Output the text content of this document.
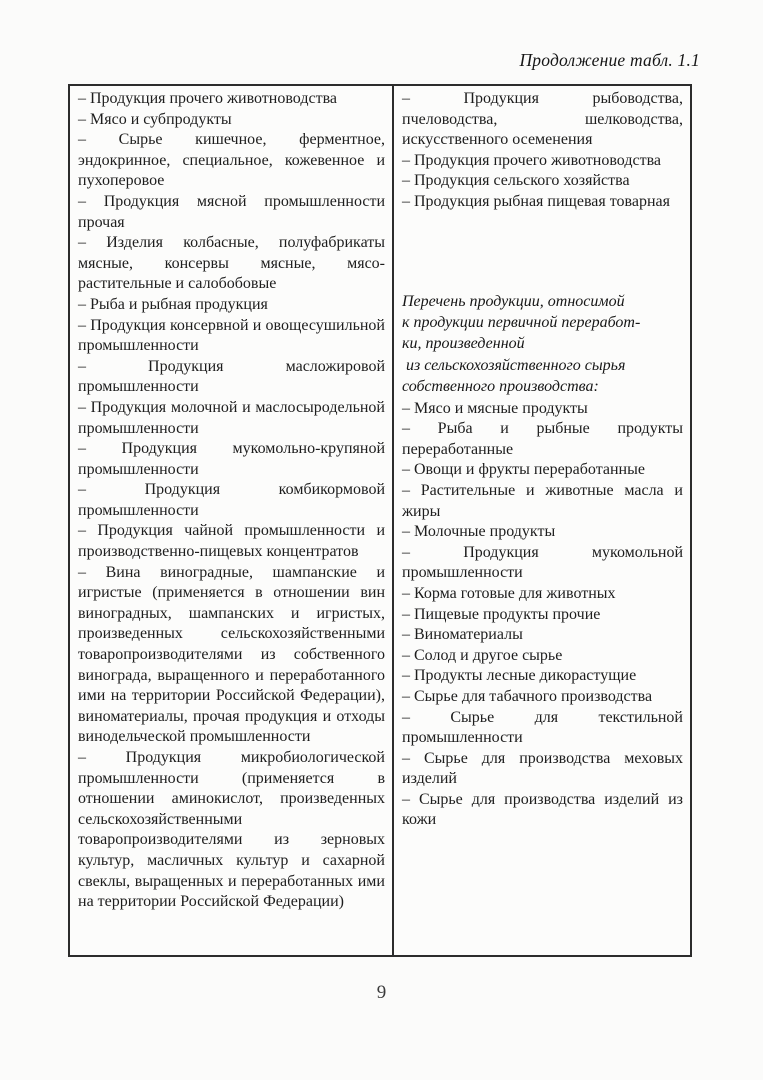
Продолжение табл. 1.1
– Продукция прочего животноводства
– Мясо и субпродукты
– Сырье кишечное, ферментное, эндокринное, специальное, кожевенное и пухоперовое
– Продукция мясной промышленности прочая
– Изделия колбасные, полуфабрикаты мясные, консервы мясные, мясо-растительные и салобобовые
– Рыба и рыбная продукция
– Продукция консервной и овощесушильной промышленности
– Продукция масложировой промышленности
– Продукция молочной и маслосыродельной промышленности
– Продукция мукомольно-крупяной промышленности
– Продукция комбикормовой промышленности
– Продукция чайной промышленности и производственно-пищевых концентратов
– Вина виноградные, шампанские и игристые (применяется в отношении вин виноградных, шампанских и игристых, произведенных сельскохозяйственными товаропроизводителями из собственного винограда, выращенного и переработанного ими на территории Российской Федерации), виноматериалы, прочая продукция и отходы винодельческой промышленности
– Продукция микробиологической промышленности (применяется в отношении аминокислот, произведенных сельскохозяйственными товаропроизводителями из зерновых культур, масличных культур и сахарной свеклы, выращенных и переработанных ими на территории Российской Федерации)
– Продукция рыбоводства, пчеловодства, шелководства, искусственного осеменения
– Продукция прочего животноводства
– Продукция сельского хозяйства
– Продукция рыбная пищевая товарная
Перечень продукции, относимой
к продукции первичной переработ-
ки, произведенной
из сельскохозяйственного сырья
собственного производства:
– Мясо и мясные продукты
– Рыба и рыбные продукты переработанные
– Овощи и фрукты переработанные
– Растительные и животные масла и жиры
– Молочные продукты
– Продукция мукомольной промышленности
– Корма готовые для животных
– Пищевые продукты прочие
– Виноматериалы
– Солод и другое сырье
– Продукты лесные дикорастущие
– Сырье для табачного производства
– Сырье для текстильной промышленности
– Сырье для производства меховых изделий
– Сырье для производства изделий из кожи
9
